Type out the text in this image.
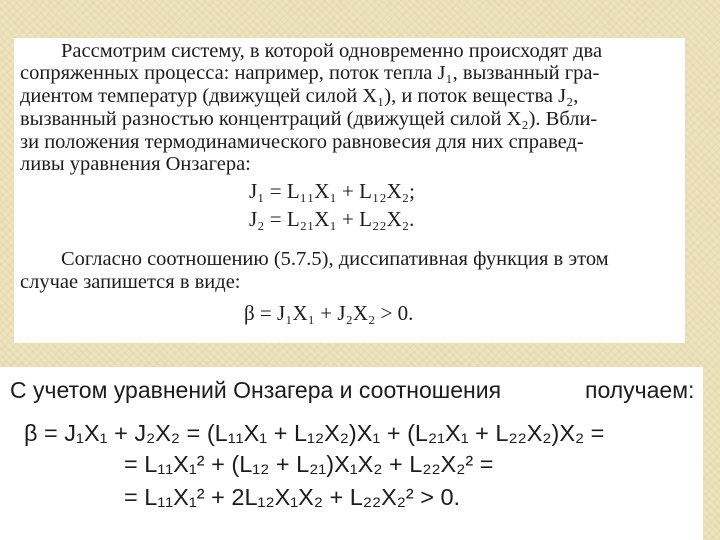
Рассмотрим систему, в которой одновременно происходят два
сопряженных процесса: например, поток тепла J₁, вызванный гра-
диентом температур (движущей силой X₁), и поток вещества J₂,
вызванный разностью концентраций (движущей силой X₂). Вбли-
зи положения термодинамического равновесия для них справед-
ливы уравнения Онзагера:
J₁ = L₁₁X₁ + L₁₂X₂;
J₂ = L₂₁X₁ + L₂₂X₂.
Согласно соотношению (5.7.5), диссипативная функция в этом
случае запишется в виде:
β = J₁X₁ + J₂X₂ > 0.
С учетом уравнений Онзагера и соотношения	получаем:
β = J₁X₁ + J₂X₂ = (L₁₁X₁ + L₁₂X₂)X₁ + (L₂₁X₁ + L₂₂X₂)X₂ =
= L₁₁X₁² + (L₁₂ + L₂₁)X₁X₂ + L₂₂X₂² =
= L₁₁X₁² + 2L₁₂X₁X₂ + L₂₂X₂² > 0.
